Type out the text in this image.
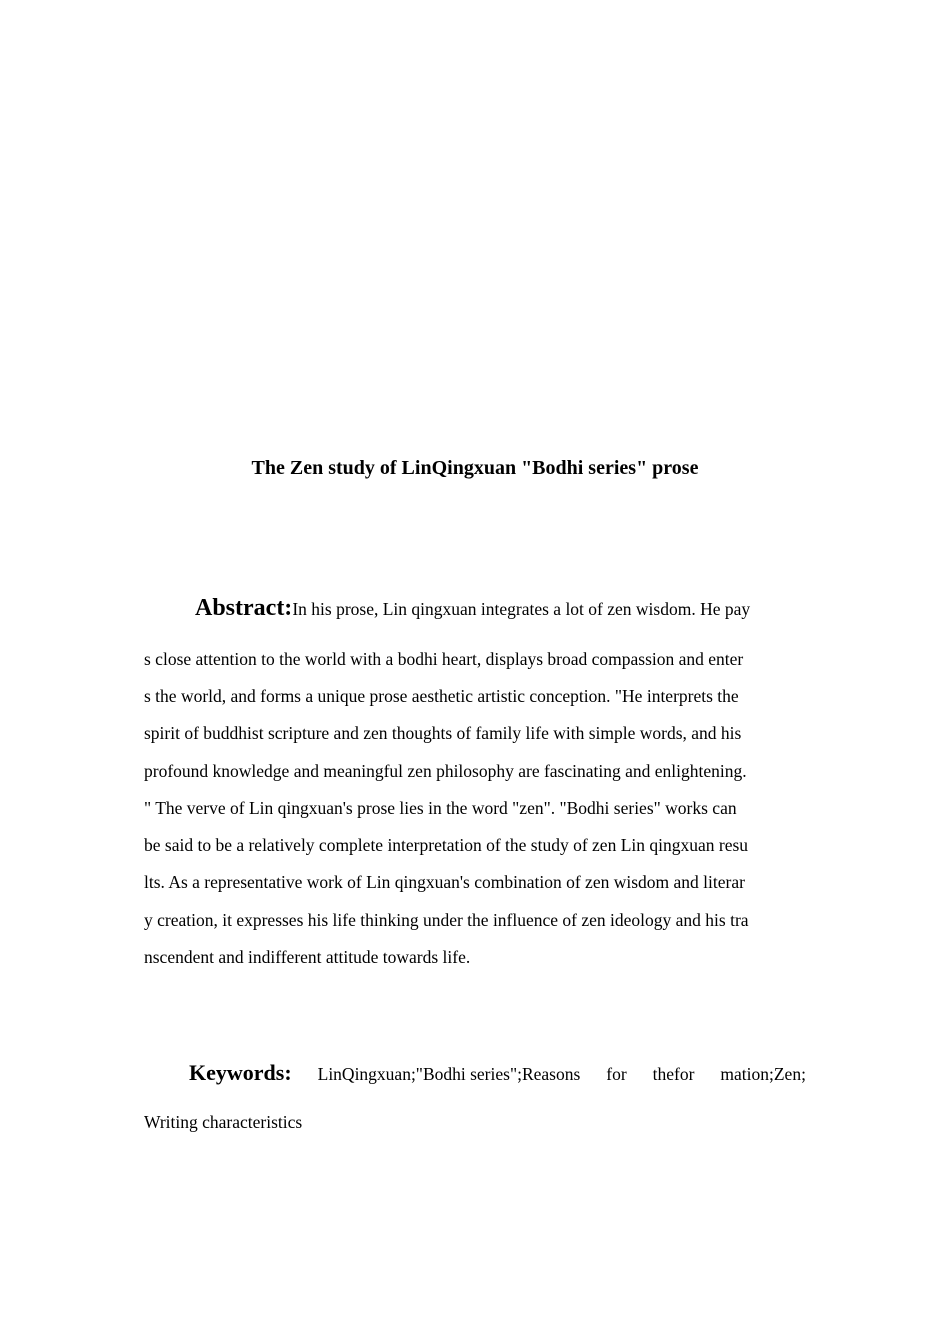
The Zen study of LinQingxuan "Bodhi series" prose
Abstract:In his prose, Lin qingxuan integrates a lot of zen wisdom. He pay
s close attention to the world with a bodhi heart, displays broad compassion and enter
s the world, and forms a unique prose aesthetic artistic conception. "He interprets the
spirit of buddhist scripture and zen thoughts of family life with simple words, and his
profound knowledge and meaningful zen philosophy are fascinating and enlightening.
" The verve of Lin qingxuan's prose lies in the word "zen". "Bodhi series" works can
be said to be a relatively complete interpretation of the study of zen Lin qingxuan resu
lts. As a representative work of Lin qingxuan's combination of zen wisdom and literar
y creation, it expresses his life thinking under the influence of zen ideology and his tra
nscendent and indifferent attitude towards life.
Keywords: LinQingxuan;"Bodhi series";Reasons for thefor mation;Zen;
Writing characteristics
